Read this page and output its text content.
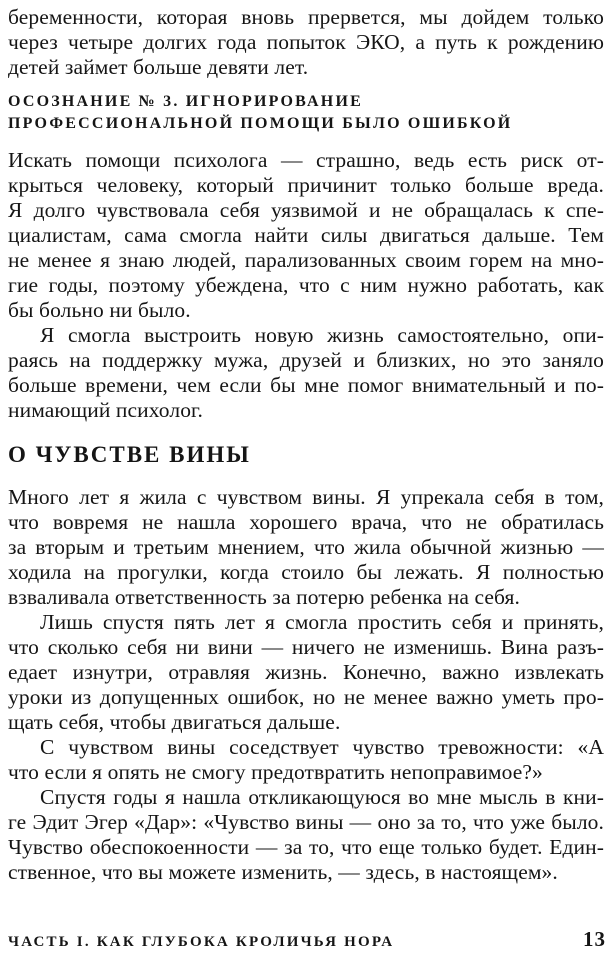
беременности, которая вновь прервется, мы дойдем только
через четыре долгих года попыток ЭКО, а путь к рождению
детей займет больше девяти лет.
ОСОЗНАНИЕ № 3. ИГНОРИРОВАНИЕ
ПРОФЕССИОНАЛЬНОЙ ПОМОЩИ БЫЛО ОШИБКОЙ
Искать помощи психолога — страшно, ведь есть риск от-
крыться человеку, который причинит только больше вреда.
Я долго чувствовала себя уязвимой и не обращалась к спе-
циалистам, сама смогла найти силы двигаться дальше. Тем
не менее я знаю людей, парализованных своим горем на мно-
гие годы, поэтому убеждена, что с ним нужно работать, как
бы больно ни было.
Я смогла выстроить новую жизнь самостоятельно, опи-
раясь на поддержку мужа, друзей и близких, но это заняло
больше времени, чем если бы мне помог внимательный и по-
нимающий психолог.
О ЧУВСТВЕ ВИНЫ
Много лет я жила с чувством вины. Я упрекала себя в том,
что вовремя не нашла хорошего врача, что не обратилась
за вторым и третьим мнением, что жила обычной жизнью —
ходила на прогулки, когда стоило бы лежать. Я полностью
взваливала ответственность за потерю ребенка на себя.
Лишь спустя пять лет я смогла простить себя и принять,
что сколько себя ни вини — ничего не изменишь. Вина разъ-
едает изнутри, отравляя жизнь. Конечно, важно извлекать
уроки из допущенных ошибок, но не менее важно уметь про-
щать себя, чтобы двигаться дальше.
С чувством вины соседствует чувство тревожности: «А
что если я опять не смогу предотвратить непоправимое?»
Спустя годы я нашла откликающуюся во мне мысль в кни-
ге Эдит Эгер «Дар»: «Чувство вины — оно за то, что уже было.
ЧАСТЬ I. КАК ГЛУБОКА КРОЛИЧЬЯ НОРА	13
Чувство обеспокоенности — за то, что еще только будет. Един-
ственное, что вы можете изменить, — здесь, в настоящем».
